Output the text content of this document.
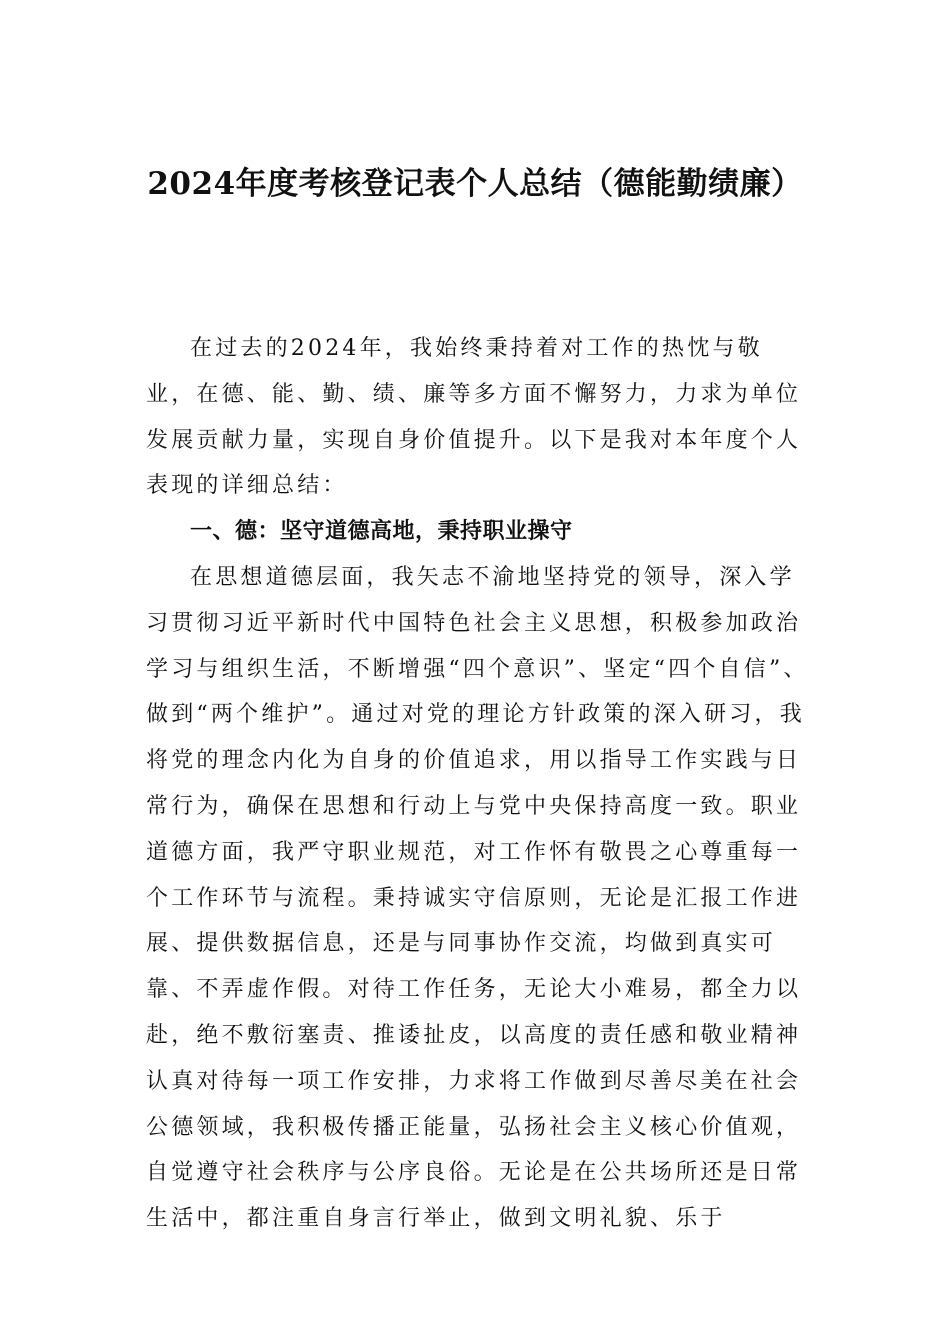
2024年度考核登记表个人总结（德能勤绩廉）

在过去的2024年，我始终秉持着对工作的热忱与敬业，在德、能、勤、绩、廉等多方面不懈努力，力求为单位发展贡献力量，实现自身价值提升。以下是我对本年度个人表现的详细总结：

一、德：坚守道德高地，秉持职业操守

在思想道德层面，我矢志不渝地坚持党的领导，深入学习贯彻习近平新时代中国特色社会主义思想，积极参加政治学习与组织生活，不断增强“四个意识”、坚定“四个自信”、做到“两个维护”。通过对党的理论方针政策的深入研习，我将党的理念内化为自身的价值追求，用以指导工作实践与日常行为，确保在思想和行动上与党中央保持高度一致。职业道德方面，我严守职业规范，对工作怀有敬畏之心尊重每一个工作环节与流程。秉持诚实守信原则，无论是汇报工作进展、提供数据信息，还是与同事协作交流，均做到真实可靠、不弄虚作假。对待工作任务，无论大小难易，都全力以赴，绝不敷衍塞责、推诿扯皮，以高度的责任感和敬业精神认真对待每一项工作安排，力求将工作做到尽善尽美在社会公德领域，我积极传播正能量，弘扬社会主义核心价值观，自觉遵守社会秩序与公序良俗。无论是在公共场所还是日常生活中，都注重自身言行举止，做到文明礼貌、乐于
